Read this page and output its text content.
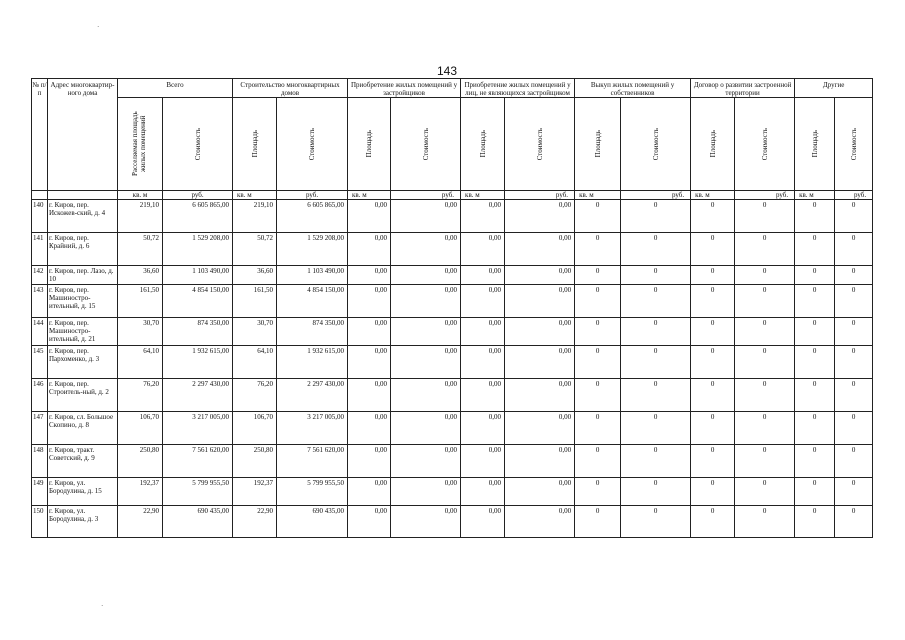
·
·
143
№ п/п	Адрес многоквартир-ного дома	Всего		Строительство многоквартирных домов		Приобретение жилых помещений у застройщиков		Приобретение жилых помещений у лиц, не являющихся застройщиком		Выкуп жилых помещений у собственников		Договор о развитии застроенной территории		Другие	

		Расселяемая площадь жилых помещений	Стоимость	Площадь	Стоимость	Площадь	Стоимость	Площадь	Стоимость	Площадь	Стоимость	Площадь	Стоимость	Площадь	Стоимость

		кв. м	руб.	кв. м	руб.	кв. м	руб.	кв. м	руб.	кв. м	руб.	кв. м	руб.	кв. м	руб.
140	г. Киров, пер. Искожев-ский, д. 4	219,10	6 605 865,00	219,10	6 605 865,00	0,00	0,00	0,00	0,00	0	0	0	0	0	0
141	г. Киров, пер. Крайний, д. 6	50,72	1 529 208,00	50,72	1 529 208,00	0,00	0,00	0,00	0,00	0	0	0	0	0	0
142	г. Киров, пер. Лазо, д. 10	36,60	1 103 490,00	36,60	1 103 490,00	0,00	0,00	0,00	0,00	0	0	0	0	0	0
143	г. Киров, пер. Машиностро-ительный, д. 15	161,50	4 854 150,00	161,50	4 854 150,00	0,00	0,00	0,00	0,00	0	0	0	0	0	0
144	г. Киров, пер. Машиностро-ительный, д. 21	30,70	874 350,00	30,70	874 350,00	0,00	0,00	0,00	0,00	0	0	0	0	0	0
145	г. Киров, пер. Пархоменко, д. 3	64,10	1 932 615,00	64,10	1 932 615,00	0,00	0,00	0,00	0,00	0	0	0	0	0	0
146	г. Киров, пер. Строитель-ный, д. 2	76,20	2 297 430,00	76,20	2 297 430,00	0,00	0,00	0,00	0,00	0	0	0	0	0	0
147	г. Киров, сл. Большое Скопино, д. 8	106,70	3 217 005,00	106,70	3 217 005,00	0,00	0,00	0,00	0,00	0	0	0	0	0	0
148	г. Киров, тракт. Советский, д. 9	250,80	7 561 620,00	250,80	7 561 620,00	0,00	0,00	0,00	0,00	0	0	0	0	0	0
149	г. Киров, ул. Бородулина, д. 15	192,37	5 799 955,50	192,37	5 799 955,50	0,00	0,00	0,00	0,00	0	0	0	0	0	0
150	г. Киров, ул. Бородулина, д. 3	22,90	690 435,00	22,90	690 435,00	0,00	0,00	0,00	0,00	0	0	0	0	0	0
